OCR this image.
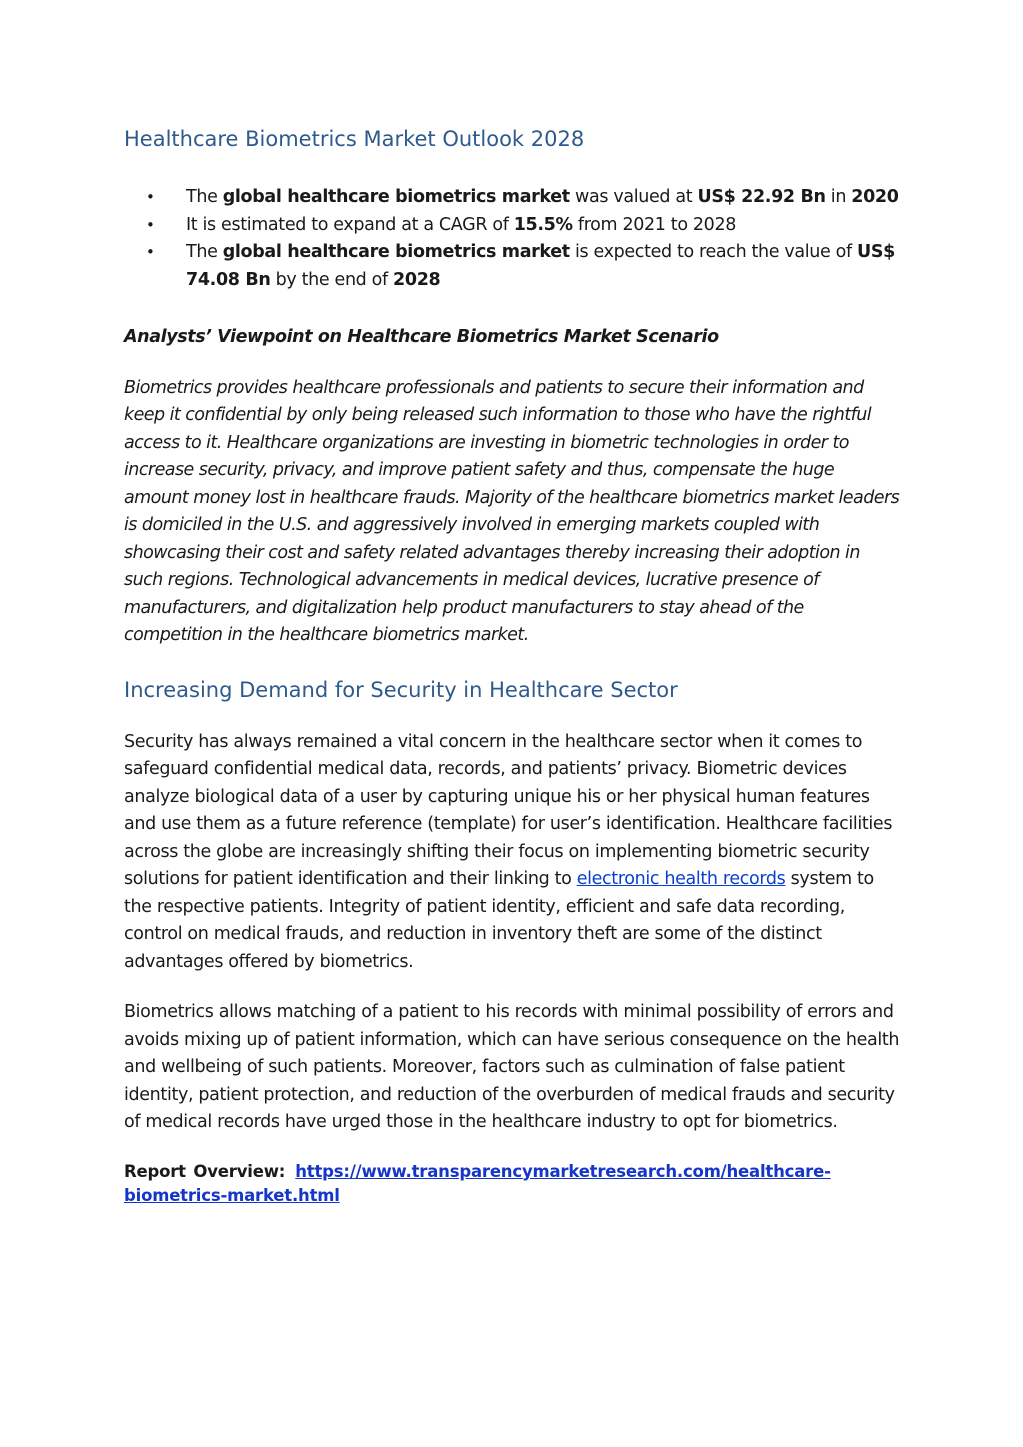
Healthcare Biometrics Market Outlook 2028
• The global healthcare biometrics market was valued at US$ 22.92 Bn in 2020
• It is estimated to expand at a CAGR of 15.5% from 2021 to 2028
• The global healthcare biometrics market is expected to reach the value of US$ 74.08 Bn by the end of 2028

Analysts’ Viewpoint on Healthcare Biometrics Market Scenario

Biometrics provides healthcare professionals and patients to secure their information and keep it confidential by only being released such information to those who have the rightful access to it. Healthcare organizations are investing in biometric technologies in order to increase security, privacy, and improve patient safety and thus, compensate the huge amount money lost in healthcare frauds. Majority of the healthcare biometrics market leaders is domiciled in the U.S. and aggressively involved in emerging markets coupled with showcasing their cost and safety related advantages thereby increasing their adoption in such regions. Technological advancements in medical devices, lucrative presence of manufacturers, and digitalization help product manufacturers to stay ahead of the competition in the healthcare biometrics market.

Increasing Demand for Security in Healthcare Sector

Security has always remained a vital concern in the healthcare sector when it comes to safeguard confidential medical data, records, and patients’ privacy. Biometric devices analyze biological data of a user by capturing unique his or her physical human features and use them as a future reference (template) for user’s identification. Healthcare facilities across the globe are increasingly shifting their focus on implementing biometric security solutions for patient identification and their linking to electronic health records system to the respective patients. Integrity of patient identity, efficient and safe data recording, control on medical frauds, and reduction in inventory theft are some of the distinct advantages offered by biometrics.

Biometrics allows matching of a patient to his records with minimal possibility of errors and avoids mixing up of patient information, which can have serious consequence on the health and wellbeing of such patients. Moreover, factors such as culmination of false patient identity, patient protection, and reduction of the overburden of medical frauds and security of medical records have urged those in the healthcare industry to opt for biometrics.

Report Overview: https://www.transparencymarketresearch.com/healthcare-biometrics-market.html
